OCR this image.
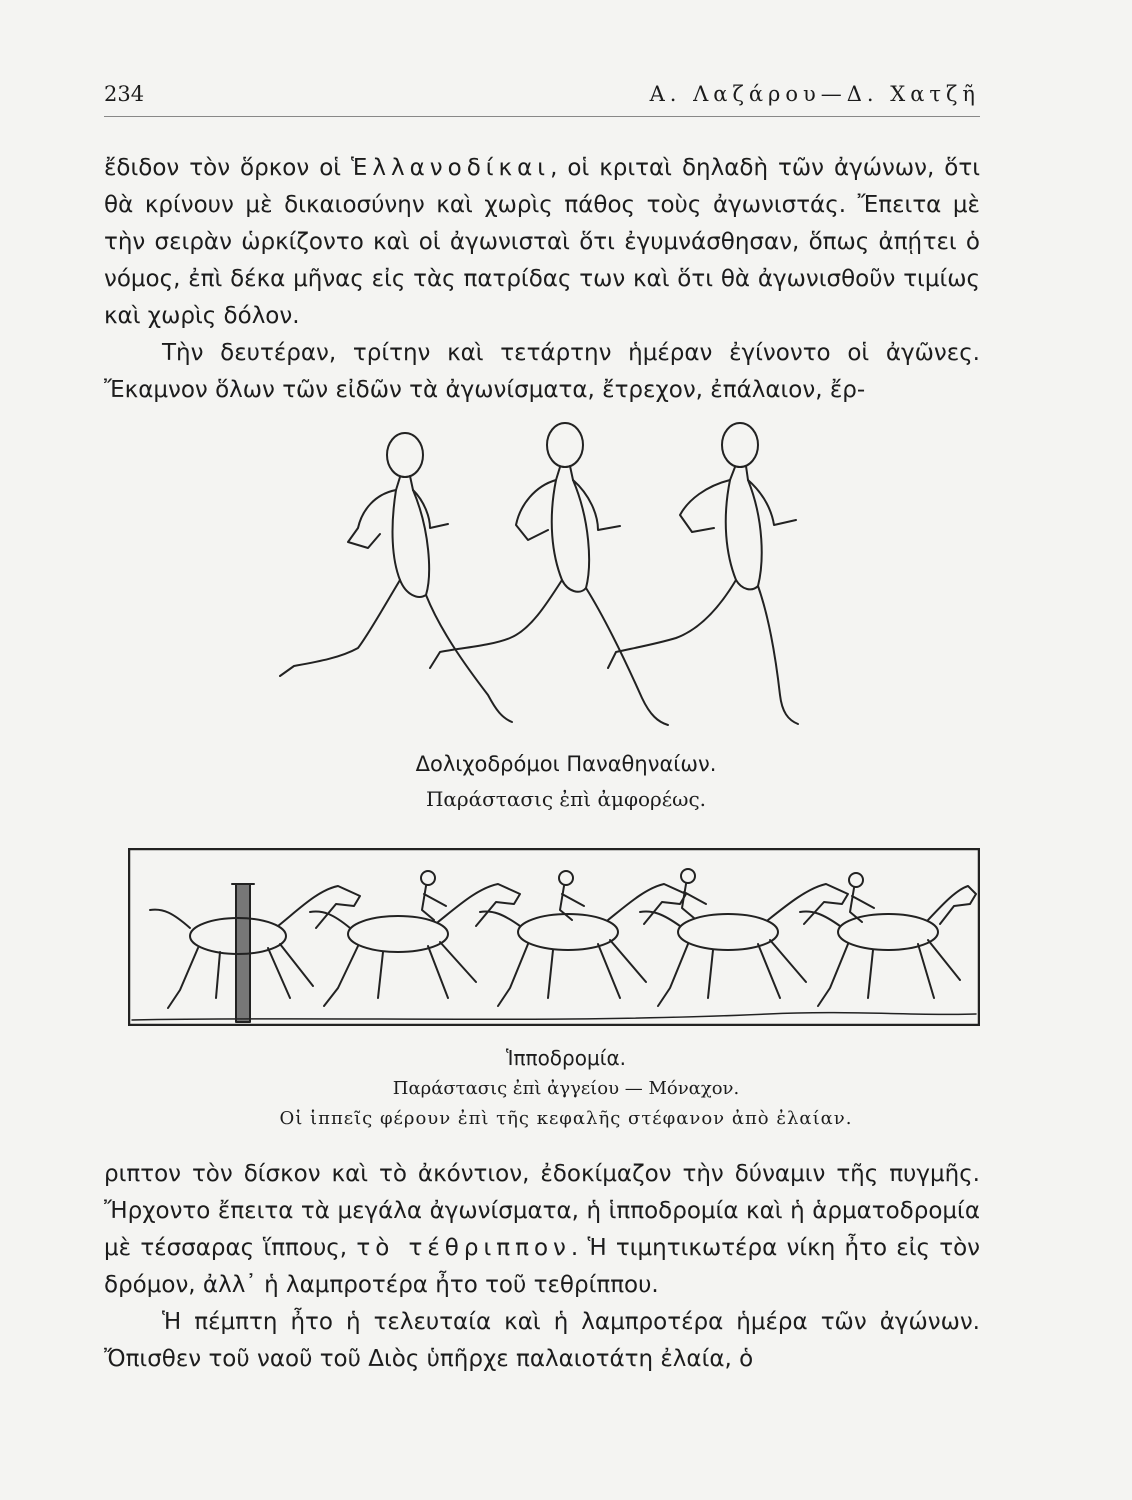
234	Α. Λαζάρου—Δ. Χατζῆ

ἔδιδον τὸν ὅρκον οἱ Ἑλλανοδίκαι, οἱ κριταὶ δηλαδὴ τῶν ἀγώνων, ὅτι θὰ κρίνουν μὲ δικαιοσύνην καὶ χωρὶς πάθος τοὺς ἀγωνιστάς. Ἔπειτα μὲ τὴν σειρὰν ὡρκίζοντο καὶ οἱ ἀγωνισταὶ ὅτι ἐγυμνάσθησαν, ὅπως ἀπῄτει ὁ νόμος, ἐπὶ δέκα μῆνας εἰς τὰς πατρίδας των καὶ ὅτι θὰ ἀγωνισθοῦν τιμίως καὶ χωρὶς δόλον.

Τὴν δευτέραν, τρίτην καὶ τετάρτην ἡμέραν ἐγίνοντο οἱ ἀγῶνες. Ἔκαμνον ὅλων τῶν εἰδῶν τὰ ἀγωνίσματα, ἔτρεχον, ἐπάλαιον, ἔρ-

Δολιχοδρόμοι Παναθηναίων.
Παράστασις ἐπὶ ἀμφορέως.
Ἱπποδρομία.
Παράστασις ἐπὶ ἀγγείου — Μόναχον.
Οἱ ἱππεῖς φέρουν ἐπὶ τῆς κεφαλῆς στέφανον ἀπὸ ἐλαίαν.

ριπτον τὸν δίσκον καὶ τὸ ἀκόντιον, ἐδοκίμαζον τὴν δύναμιν τῆς πυγμῆς. Ἤρχοντο ἔπειτα τὰ μεγάλα ἀγωνίσματα, ἡ ἱπποδρομία καὶ ἡ ἁρματοδρομία μὲ τέσσαρας ἵππους, τὸ τέθριππον. Ἡ τιμητικωτέρα νίκη ἦτο εἰς τὸν δρόμον, ἀλλ᾽ ἡ λαμπροτέρα ἦτο τοῦ τεθρίππου.

Ἡ πέμπτη ἦτο ἡ τελευταία καὶ ἡ λαμπροτέρα ἡμέρα τῶν ἀγώνων. Ὄπισθεν τοῦ ναοῦ τοῦ Διὸς ὑπῆρχε παλαιοτάτη ἐλαία, ὁ
